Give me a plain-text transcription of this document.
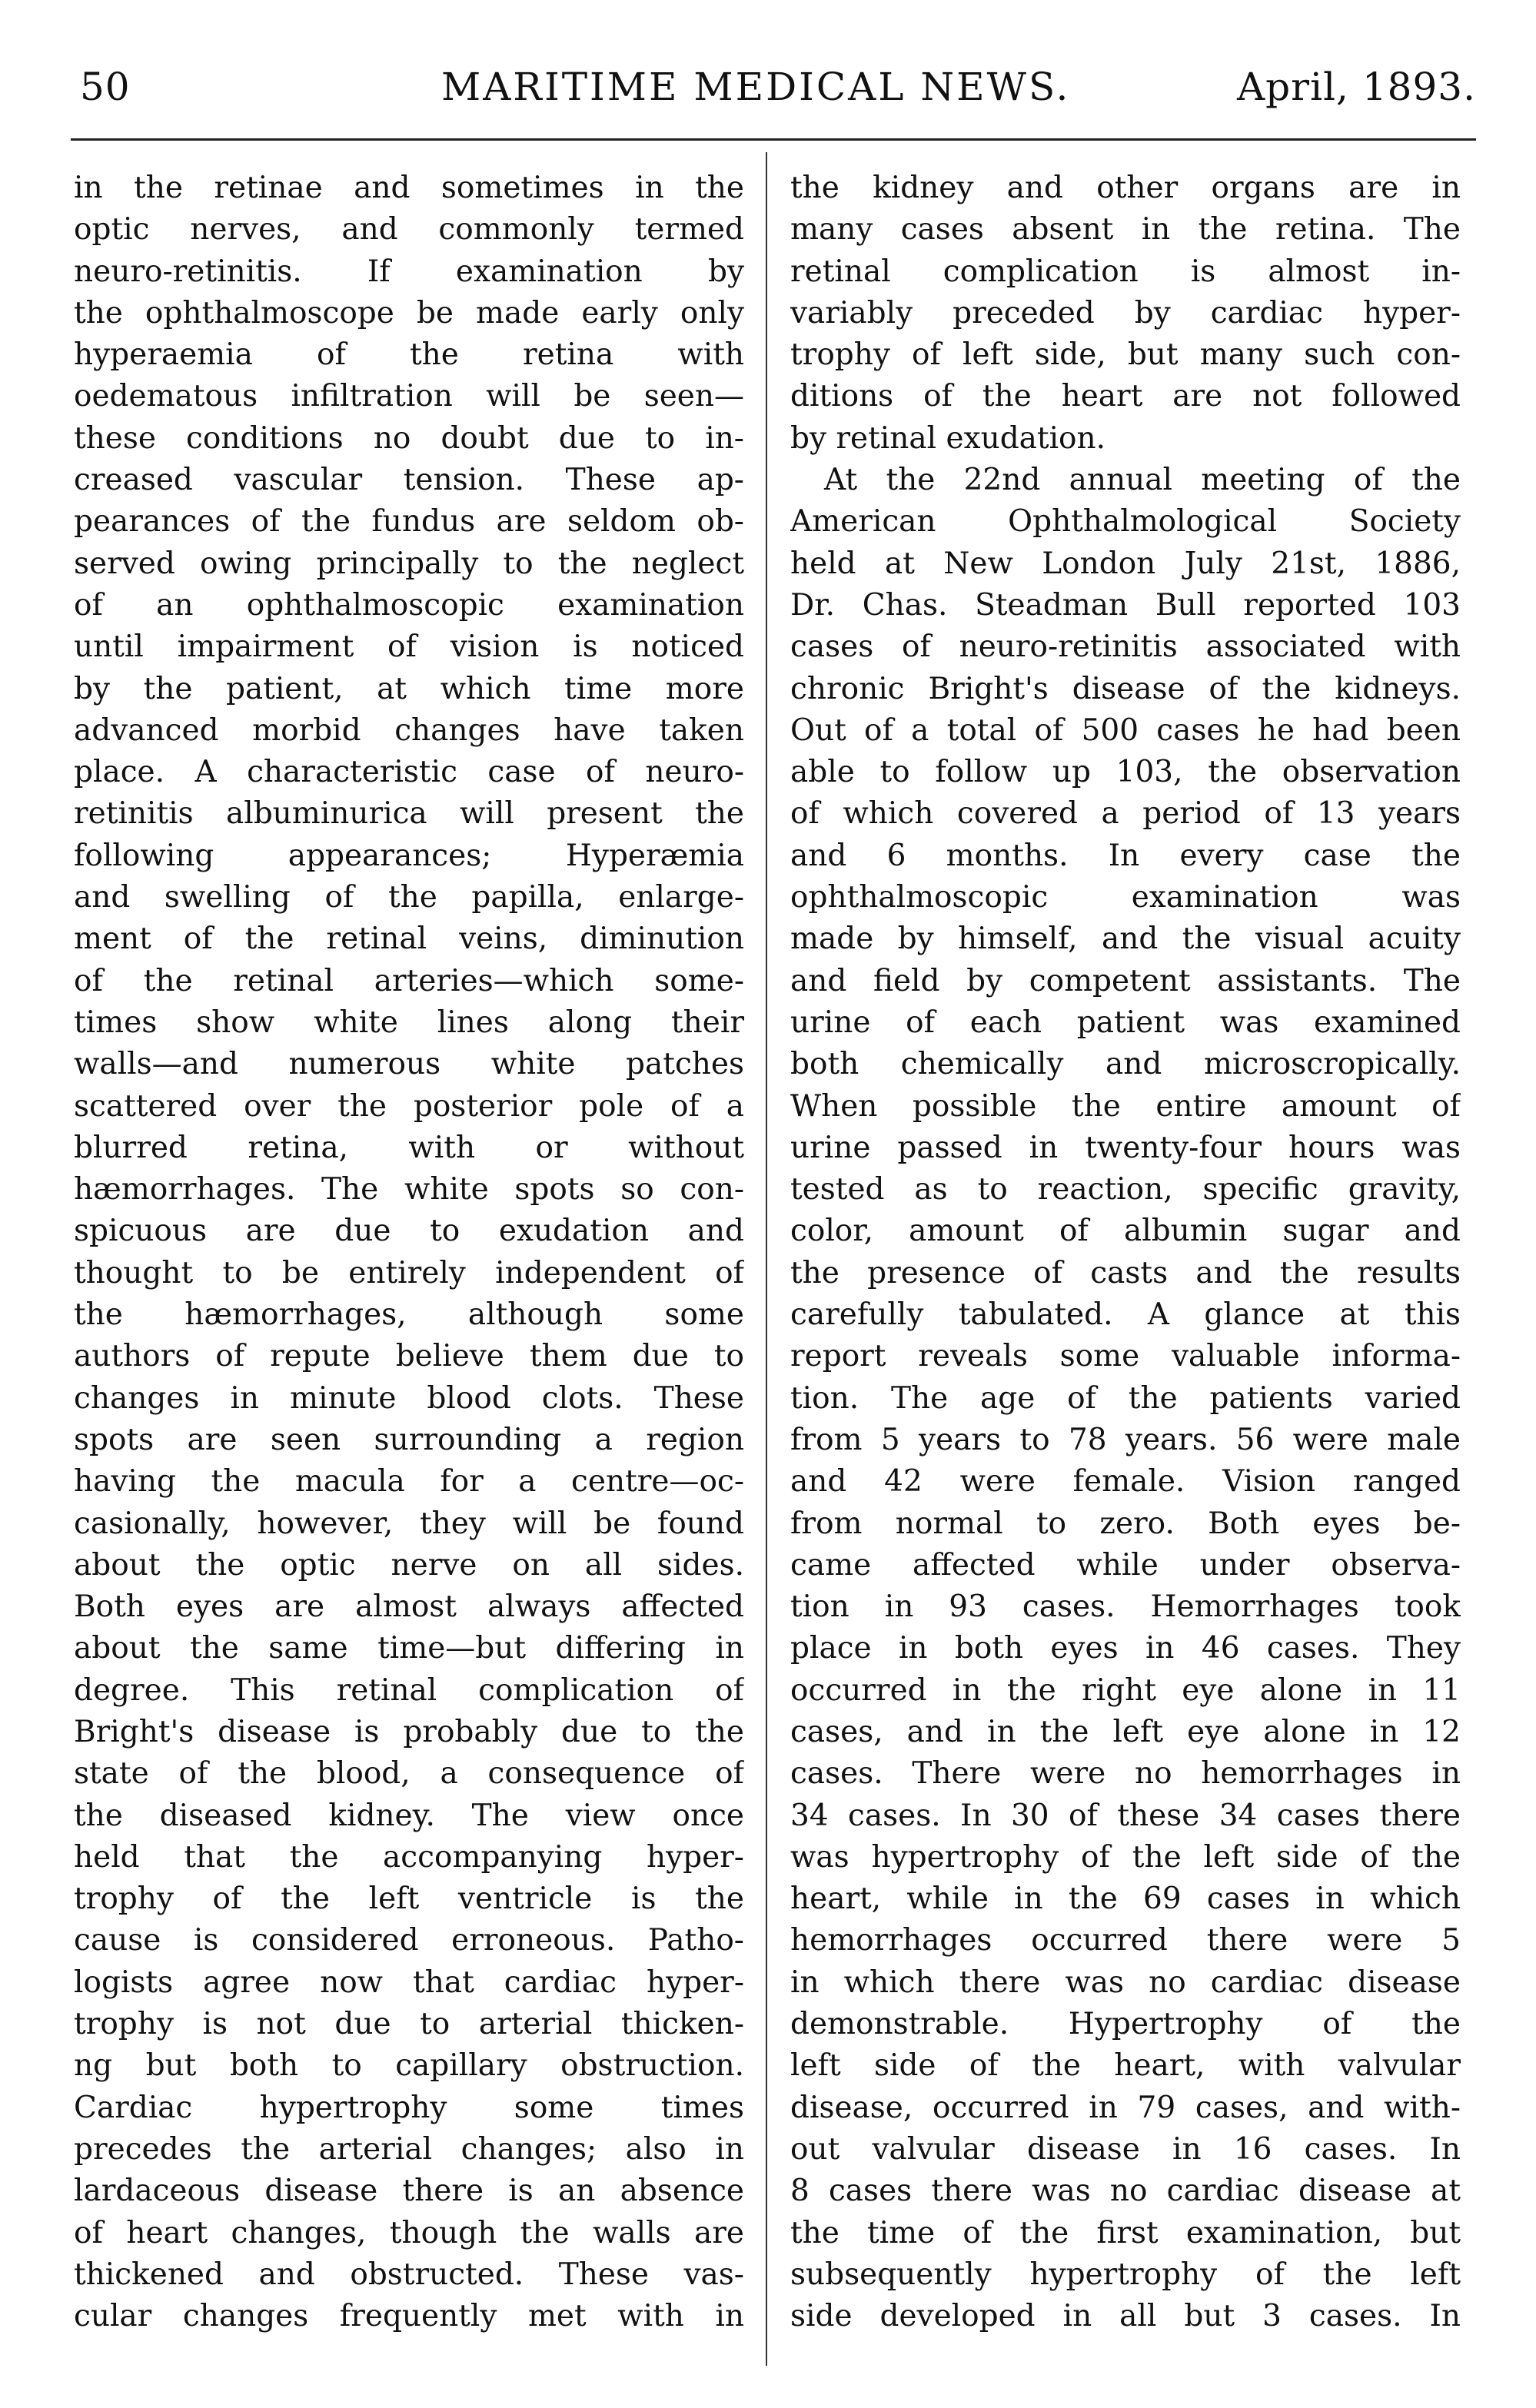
50	MARITIME MEDICAL NEWS.	April, 1893.
in the retinae and sometimes in the
optic nerves, and commonly termed
neuro-retinitis. If examination by
the ophthalmoscope be made early only
hyperaemia of the retina with
oedematous infiltration will be seen—
these conditions no doubt due to in-
creased vascular tension. These ap-
pearances of the fundus are seldom ob-
served owing principally to the neglect
of an ophthalmoscopic examination
until impairment of vision is noticed
by the patient, at which time more
advanced morbid changes have taken
place. A characteristic case of neuro-
retinitis albuminurica will present the
following appearances; Hyperæmia
and swelling of the papilla, enlarge-
ment of the retinal veins, diminution
of the retinal arteries—which some-
times show white lines along their
walls—and numerous white patches
scattered over the posterior pole of a
blurred retina, with or without
hæmorrhages. The white spots so con-
spicuous are due to exudation and
thought to be entirely independent of
the hæmorrhages, although some
authors of repute believe them due to
changes in minute blood clots. These
spots are seen surrounding a region
having the macula for a centre—oc-
casionally, however, they will be found
about the optic nerve on all sides.
Both eyes are almost always affected
about the same time—but differing in
degree. This retinal complication of
Bright's disease is probably due to the
state of the blood, a consequence of
the diseased kidney. The view once
held that the accompanying hyper-
trophy of the left ventricle is the
cause is considered erroneous. Patho-
logists agree now that cardiac hyper-
trophy is not due to arterial thicken-
ng but both to capillary obstruction.
Cardiac hypertrophy some times
precedes the arterial changes; also in
lardaceous disease there is an absence
of heart changes, though the walls are
thickened and obstructed. These vas-
cular changes frequently met with in
the kidney and other organs are in
many cases absent in the retina. The
retinal complication is almost in-
variably preceded by cardiac hyper-
trophy of left side, but many such con-
ditions of the heart are not followed
by retinal exudation.
At the 22nd annual meeting of the
American Ophthalmological Society
held at New London July 21st, 1886,
Dr. Chas. Steadman Bull reported 103
cases of neuro-retinitis associated with
chronic Bright's disease of the kidneys.
Out of a total of 500 cases he had been
able to follow up 103, the observation
of which covered a period of 13 years
and 6 months. In every case the
ophthalmoscopic examination was
made by himself, and the visual acuity
and field by competent assistants. The
urine of each patient was examined
both chemically and microscropically.
When possible the entire amount of
urine passed in twenty-four hours was
tested as to reaction, specific gravity,
color, amount of albumin sugar and
the presence of casts and the results
carefully tabulated. A glance at this
report reveals some valuable informa-
tion. The age of the patients varied
from 5 years to 78 years. 56 were male
and 42 were female. Vision ranged
from normal to zero. Both eyes be-
came affected while under observa-
tion in 93 cases. Hemorrhages took
place in both eyes in 46 cases. They
occurred in the right eye alone in 11
cases, and in the left eye alone in 12
cases. There were no hemorrhages in
34 cases. In 30 of these 34 cases there
was hypertrophy of the left side of the
heart, while in the 69 cases in which
hemorrhages occurred there were 5
in which there was no cardiac disease
demonstrable. Hypertrophy of the
left side of the heart, with valvular
disease, occurred in 79 cases, and with-
out valvular disease in 16 cases. In
8 cases there was no cardiac disease at
the time of the first examination, but
subsequently hypertrophy of the left
side developed in all but 3 cases. In
